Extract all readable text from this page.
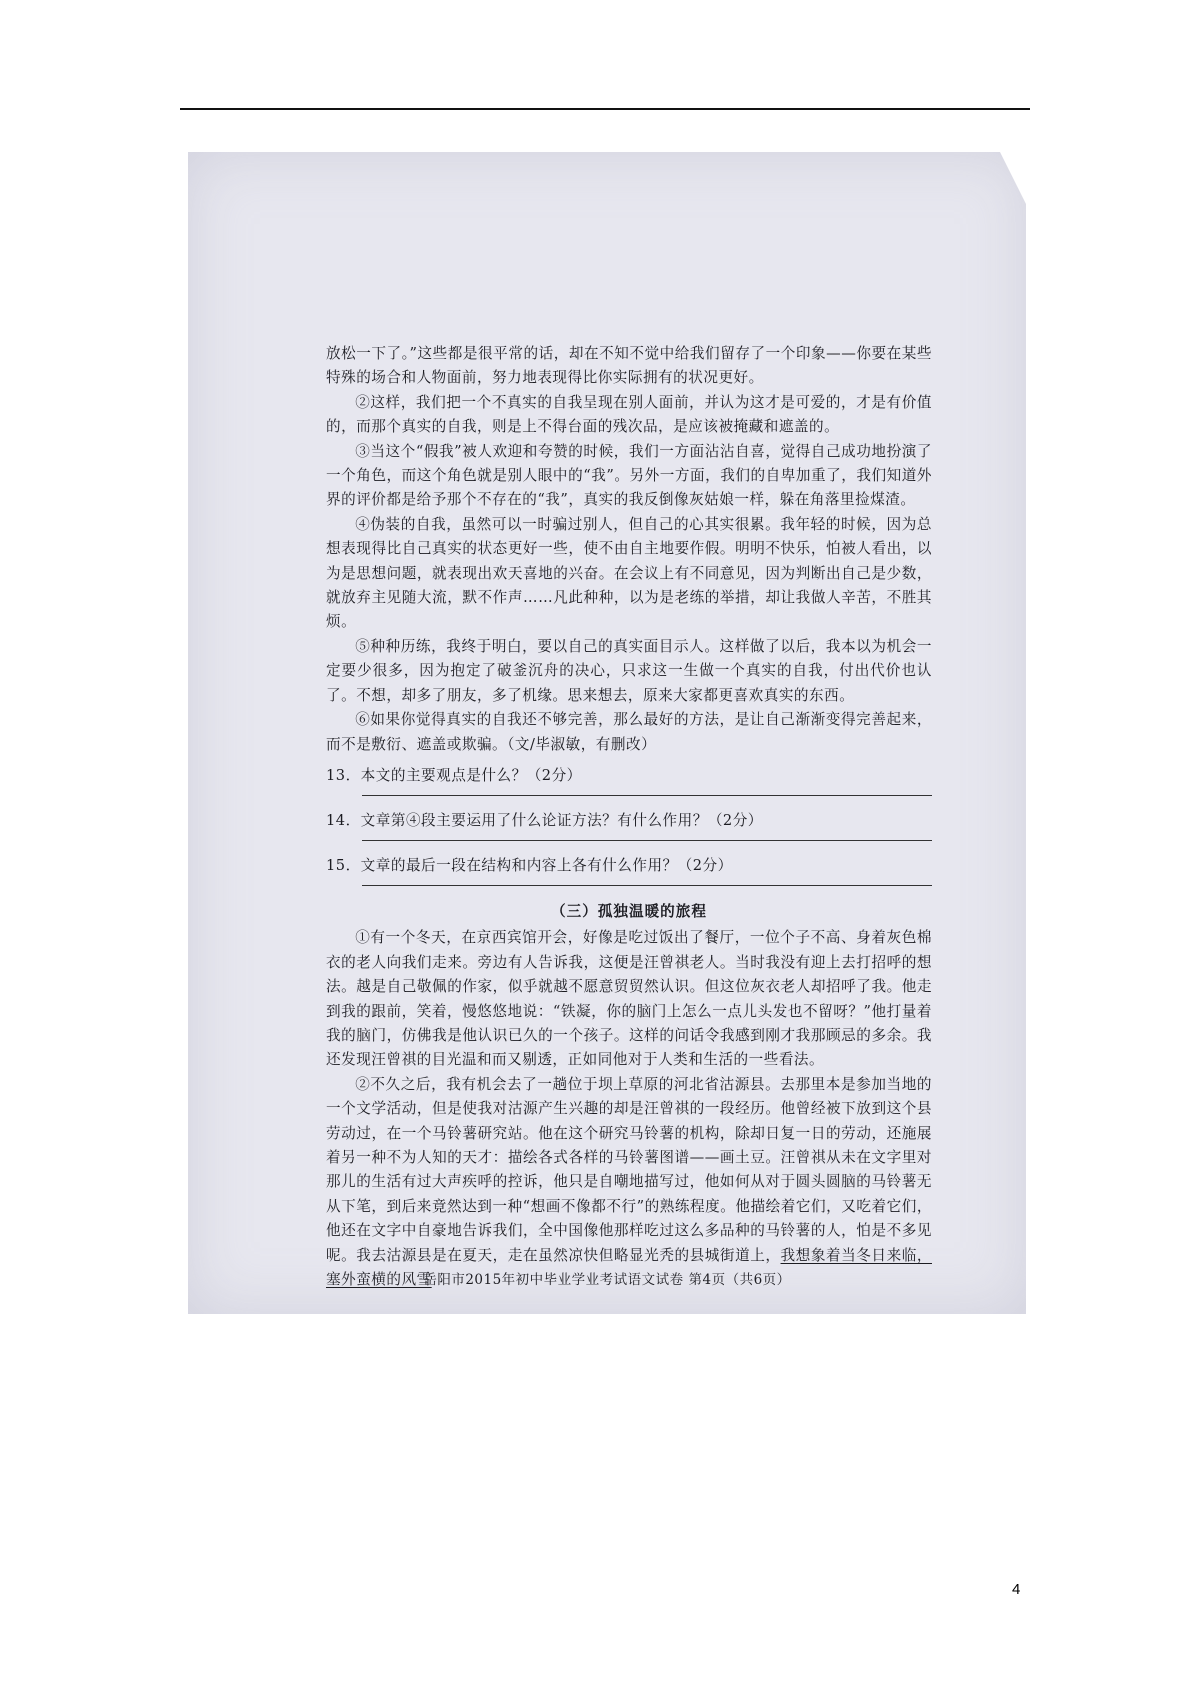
放松一下了。”这些都是很平常的话，却在不知不觉中给我们留存了一个印象——你要在某些特殊的场合和人物面前，努力地表现得比你实际拥有的状况更好。

②这样，我们把一个不真实的自我呈现在别人面前，并认为这才是可爱的，才是有价值的，而那个真实的自我，则是上不得台面的残次品，是应该被掩藏和遮盖的。

③当这个“假我”被人欢迎和夸赞的时候，我们一方面沾沾自喜，觉得自己成功地扮演了一个角色，而这个角色就是别人眼中的“我”。另外一方面，我们的自卑加重了，我们知道外界的评价都是给予那个不存在的“我”，真实的我反倒像灰姑娘一样，躲在角落里捡煤渣。

④伪装的自我，虽然可以一时骗过别人，但自己的心其实很累。我年轻的时候，因为总想表现得比自己真实的状态更好一些，使不由自主地要作假。明明不快乐，怕被人看出，以为是思想问题，就表现出欢天喜地的兴奋。在会议上有不同意见，因为判断出自己是少数，就放弃主见随大流，默不作声……凡此种种，以为是老练的举措，却让我做人辛苦，不胜其烦。

⑤种种历练，我终于明白，要以自己的真实面目示人。这样做了以后，我本以为机会一定要少很多，因为抱定了破釜沉舟的决心，只求这一生做一个真实的自我，付出代价也认了。不想，却多了朋友，多了机缘。思来想去，原来大家都更喜欢真实的东西。

⑥如果你觉得真实的自我还不够完善，那么最好的方法，是让自己渐渐变得完善起来，而不是敷衍、遮盖或欺骗。（文/毕淑敏，有删改）

13．本文的主要观点是什么？（2分）

14．文章第④段主要运用了什么论证方法？有什么作用？（2分）

15．文章的最后一段在结构和内容上各有什么作用？（2分）

（三）孤独温暖的旅程

①有一个冬天，在京西宾馆开会，好像是吃过饭出了餐厅，一位个子不高、身着灰色棉衣的老人向我们走来。旁边有人告诉我，这便是汪曾祺老人。当时我没有迎上去打招呼的想法。越是自己敬佩的作家，似乎就越不愿意贸贸然认识。但这位灰衣老人却招呼了我。他走到我的跟前，笑着，慢悠悠地说：“铁凝，你的脑门上怎么一点儿头发也不留呀？”他打量着我的脑门，仿佛我是他认识已久的一个孩子。这样的问话令我感到刚才我那顾忌的多余。我还发现汪曾祺的目光温和而又剔透，正如同他对于人类和生活的一些看法。

②不久之后，我有机会去了一趟位于坝上草原的河北省沽源县。去那里本是参加当地的一个文学活动，但是使我对沽源产生兴趣的却是汪曾祺的一段经历。他曾经被下放到这个县劳动过，在一个马铃薯研究站。他在这个研究马铃薯的机构，除却日复一日的劳动，还施展着另一种不为人知的天才：描绘各式各样的马铃薯图谱——画土豆。汪曾祺从未在文字里对那儿的生活有过大声疾呼的控诉，他只是自嘲地描写过，他如何从对于圆头圆脑的马铃薯无从下笔，到后来竟然达到一种“想画不像都不行”的熟练程度。他描绘着它们，又吃着它们，他还在文字中自豪地告诉我们，全中国像他那样吃过这么多品种的马铃薯的人，怕是不多见呢。我去沽源县是在夏天，走在虽然凉快但略显光秃的县城街道上，我想象着当冬日来临，塞外蛮横的风雪

岳阳市2015年初中毕业学业考试语文试卷 第4页（共6页）
4
